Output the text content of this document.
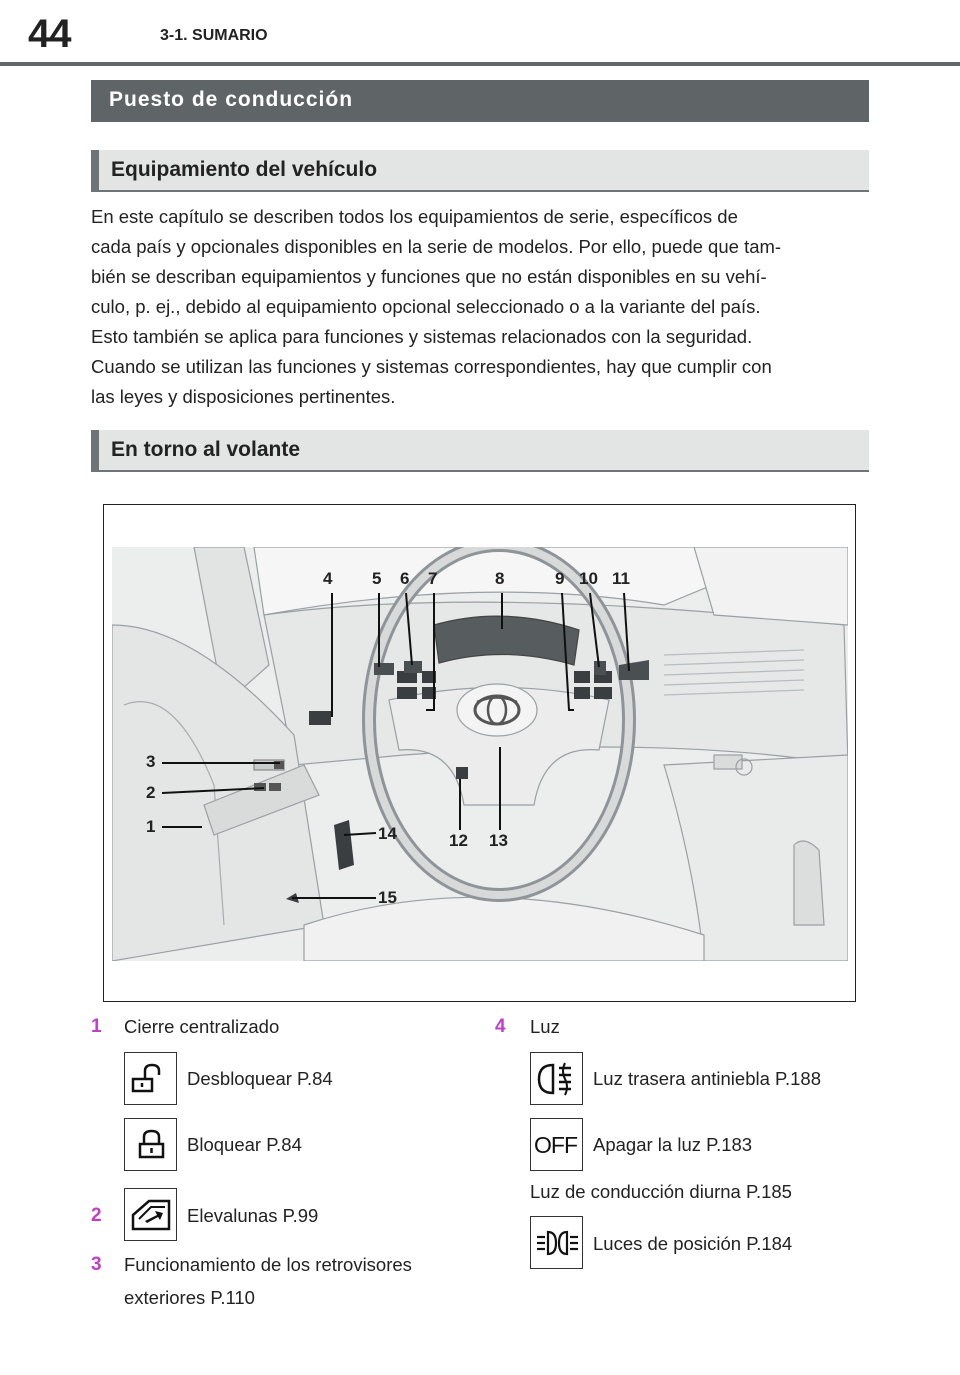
44	3-1. SUMARIO
Puesto de conducción
Equipamiento del vehículo
En este capítulo se describen todos los equipamientos de serie, específicos de
cada país y opcionales disponibles en la serie de modelos. Por ello, puede que tam-
bién se describan equipamientos y funciones que no están disponibles en su vehí-
culo, p. ej., debido al equipamiento opcional seleccionado o a la variante del país.
Esto también se aplica para funciones y sistemas relacionados con la seguridad.
Cuando se utilizan las funciones y sistemas correspondientes, hay que cumplir con
las leyes y disposiciones pertinentes.
En torno al volante
4 5 6 7	8	9 10 11
3
2
1	14	12 13
15
1 Cierre centralizado
Desbloquear P.84
Bloquear P.84
2	Elevalunas P.99
3 Funcionamiento de los retrovisores
exteriores P.110
4 Luz
Luz trasera antiniebla P.188
OFF Apagar la luz P.183
Luz de conducción diurna P.185
Luces de posición P.184
